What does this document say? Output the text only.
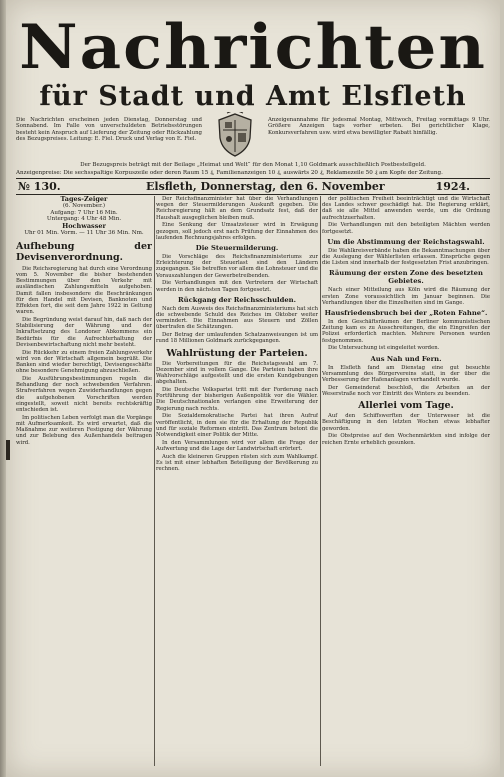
Nachrichten
für Stadt und Amt Elsfleth
Die Nachrichten erscheinen jeden Dienstag, Donnerstag und Sonnabend. Im Falle von unverschuldeten Betriebsstörungen besteht kein Anspruch auf Lieferung der Zeitung oder Rückzahlung des Bezugspreises. Leitung: E. Fiel. Druck und Verlag von E. Fiel.
Anzeigenannahme für jedesmal Montag, Mittwoch, Freitag vormittags 9 Uhr. Größere Anzeigen tags vorher erbeten. Bei gerichtlicher Klage, Konkursverfahren usw. wird etwa bewilligter Rabatt hinfällig.
Der Bezugspreis beträgt mit der Beilage „Heimat und Welt“ für den Monat 1,10 Goldmark ausschließlich Postbestellgeld.
Anzeigenpreise: Die sechsspaltige Korpuszeile oder deren Raum 15 ₰, Familienanzeigen 10 ₰, auswärts 20 ₰, Reklamezeile 50 ₰ am Kopfe der Zeitung.
№ 130.	Elsfleth, Donnerstag, den 6. November	1924.
Tages-Zeiger
(6. November.)
Aufgang: 7 Uhr 16 Min.
Untergang: 4 Uhr 48 Min.
Hochwasser
Uhr 01 Min. Vorm. — 11 Uhr 36 Min. Nm.
Aufhebung der Devisenverordnung.

Die Reichsregierung hat durch eine Verordnung vom 5. November die bisher bestehenden Bestimmungen über den Verkehr mit ausländischen Zahlungsmitteln aufgehoben. Damit fallen insbesondere die Beschränkungen für den Handel mit Devisen, Banknoten und Effekten fort, die seit dem Jahre 1922 in Geltung waren.

Die Begründung weist darauf hin, daß nach der Stabilisierung der Währung und der Inkraftsetzung des Londoner Abkommens ein Bedürfnis für die Aufrechterhaltung der Devisenbewirtschaftung nicht mehr besteht.

Die Rückkehr zu einem freien Zahlungsverkehr wird von der Wirtschaft allgemein begrüßt. Die Banken sind wieder berechtigt, Devisengeschäfte ohne besondere Genehmigung abzuschließen.

Die Ausführungsbestimmungen regeln die Behandlung der noch schwebenden Verfahren. Strafverfahren wegen Zuwiderhandlungen gegen die aufgehobenen Vorschriften werden eingestellt, soweit nicht bereits rechtskräftig entschieden ist.

Im politischen Leben verfolgt man die Vorgänge mit Aufmerksamkeit. Es wird erwartet, daß die Maßnahme zur weiteren Festigung der Währung und zur Belebung des Außenhandels beitragen wird.

Der Reichsfinanzminister hat über die Verhandlungen wegen der Steuermilderungen Auskunft gegeben. Die Reichsregierung hält an dem Grundsatz fest, daß der Haushalt ausgeglichen bleiben muß.

Eine Senkung der Umsatzsteuer wird in Erwägung gezogen, soll jedoch erst nach Prüfung der Einnahmen des laufenden Rechnungsjahres erfolgen.

Die Steuermilderung.

Die Vorschläge des Reichsfinanzministeriums zur Erleichterung der Steuerlast sind den Ländern zugegangen. Sie betreffen vor allem die Lohnsteuer und die Vorauszahlungen der Gewerbetreibenden.

Die Verhandlungen mit den Vertretern der Wirtschaft werden in den nächsten Tagen fortgesetzt.

Rückgang der Reichsschulden.

Nach dem Ausweis des Reichsfinanzministeriums hat sich die schwebende Schuld des Reiches im Oktober weiter vermindert. Die Einnahmen aus Steuern und Zöllen übertrafen die Schätzungen.

Der Betrag der umlaufenden Schatzanweisungen ist um rund 18 Millionen Goldmark zurückgegangen.

Wahlrüstung der Parteien.

Die Vorbereitungen für die Reichstagswahl am 7. Dezember sind in vollem Gange. Die Parteien haben ihre Wahlvorschläge aufgestellt und die ersten Kundgebungen abgehalten.

Die Deutsche Volkspartei tritt mit der Forderung nach Fortführung der bisherigen Außenpolitik vor die Wähler. Die Deutschnationalen verlangen eine Erweiterung der Regierung nach rechts.

Die Sozialdemokratische Partei hat ihren Aufruf veröffentlicht, in dem sie für die Erhaltung der Republik und für soziale Reformen eintritt. Das Zentrum betont die Notwendigkeit einer Politik der Mitte.

In den Versammlungen wird vor allem die Frage der Aufwertung und die Lage der Landwirtschaft erörtert.

Auch die kleineren Gruppen rüsten sich zum Wahlkampf. Es ist mit einer lebhaften Beteiligung der Bevölkerung zu rechnen.

der politischen Freiheit beeinträchtigt und die Wirtschaft des Landes schwer geschädigt hat. Die Regierung erklärt, daß sie alle Mittel anwenden werde, um die Ordnung aufrechtzuerhalten.

Die Verhandlungen mit den beteiligten Mächten werden fortgesetzt.

Um die Abstimmung der Reichstagswahl.

Die Wahlkreisverbände haben die Bekanntmachungen über die Auslegung der Wählerlisten erlassen. Einsprüche gegen die Listen sind innerhalb der festgesetzten Frist anzubringen.

Räumung der ersten Zone des besetzten Gebietes.

Nach einer Mitteilung aus Köln wird die Räumung der ersten Zone voraussichtlich im Januar beginnen. Die Verhandlungen über die Einzelheiten sind im Gange.

Hausfriedensbruch bei der „Roten Fahne“.

In den Geschäftsräumen der Berliner kommunistischen Zeitung kam es zu Ausschreitungen, die ein Eingreifen der Polizei erforderlich machten. Mehrere Personen wurden festgenommen.

Die Untersuchung ist eingeleitet worden.

Aus Nah und Fern.

In Elsfleth fand am Dienstag eine gut besuchte Versammlung des Bürgervereins statt, in der über die Verbesserung der Hafenanlagen verhandelt wurde.

Der Gemeinderat beschloß, die Arbeiten an der Weserstraße noch vor Eintritt des Winters zu beenden.

Allerlei vom Tage.

Auf den Schiffswerften der Unterweser ist die Beschäftigung in den letzten Wochen etwas lebhafter geworden.

Die Obstpreise auf den Wochenmärkten sind infolge der reichen Ernte erheblich gesunken.
